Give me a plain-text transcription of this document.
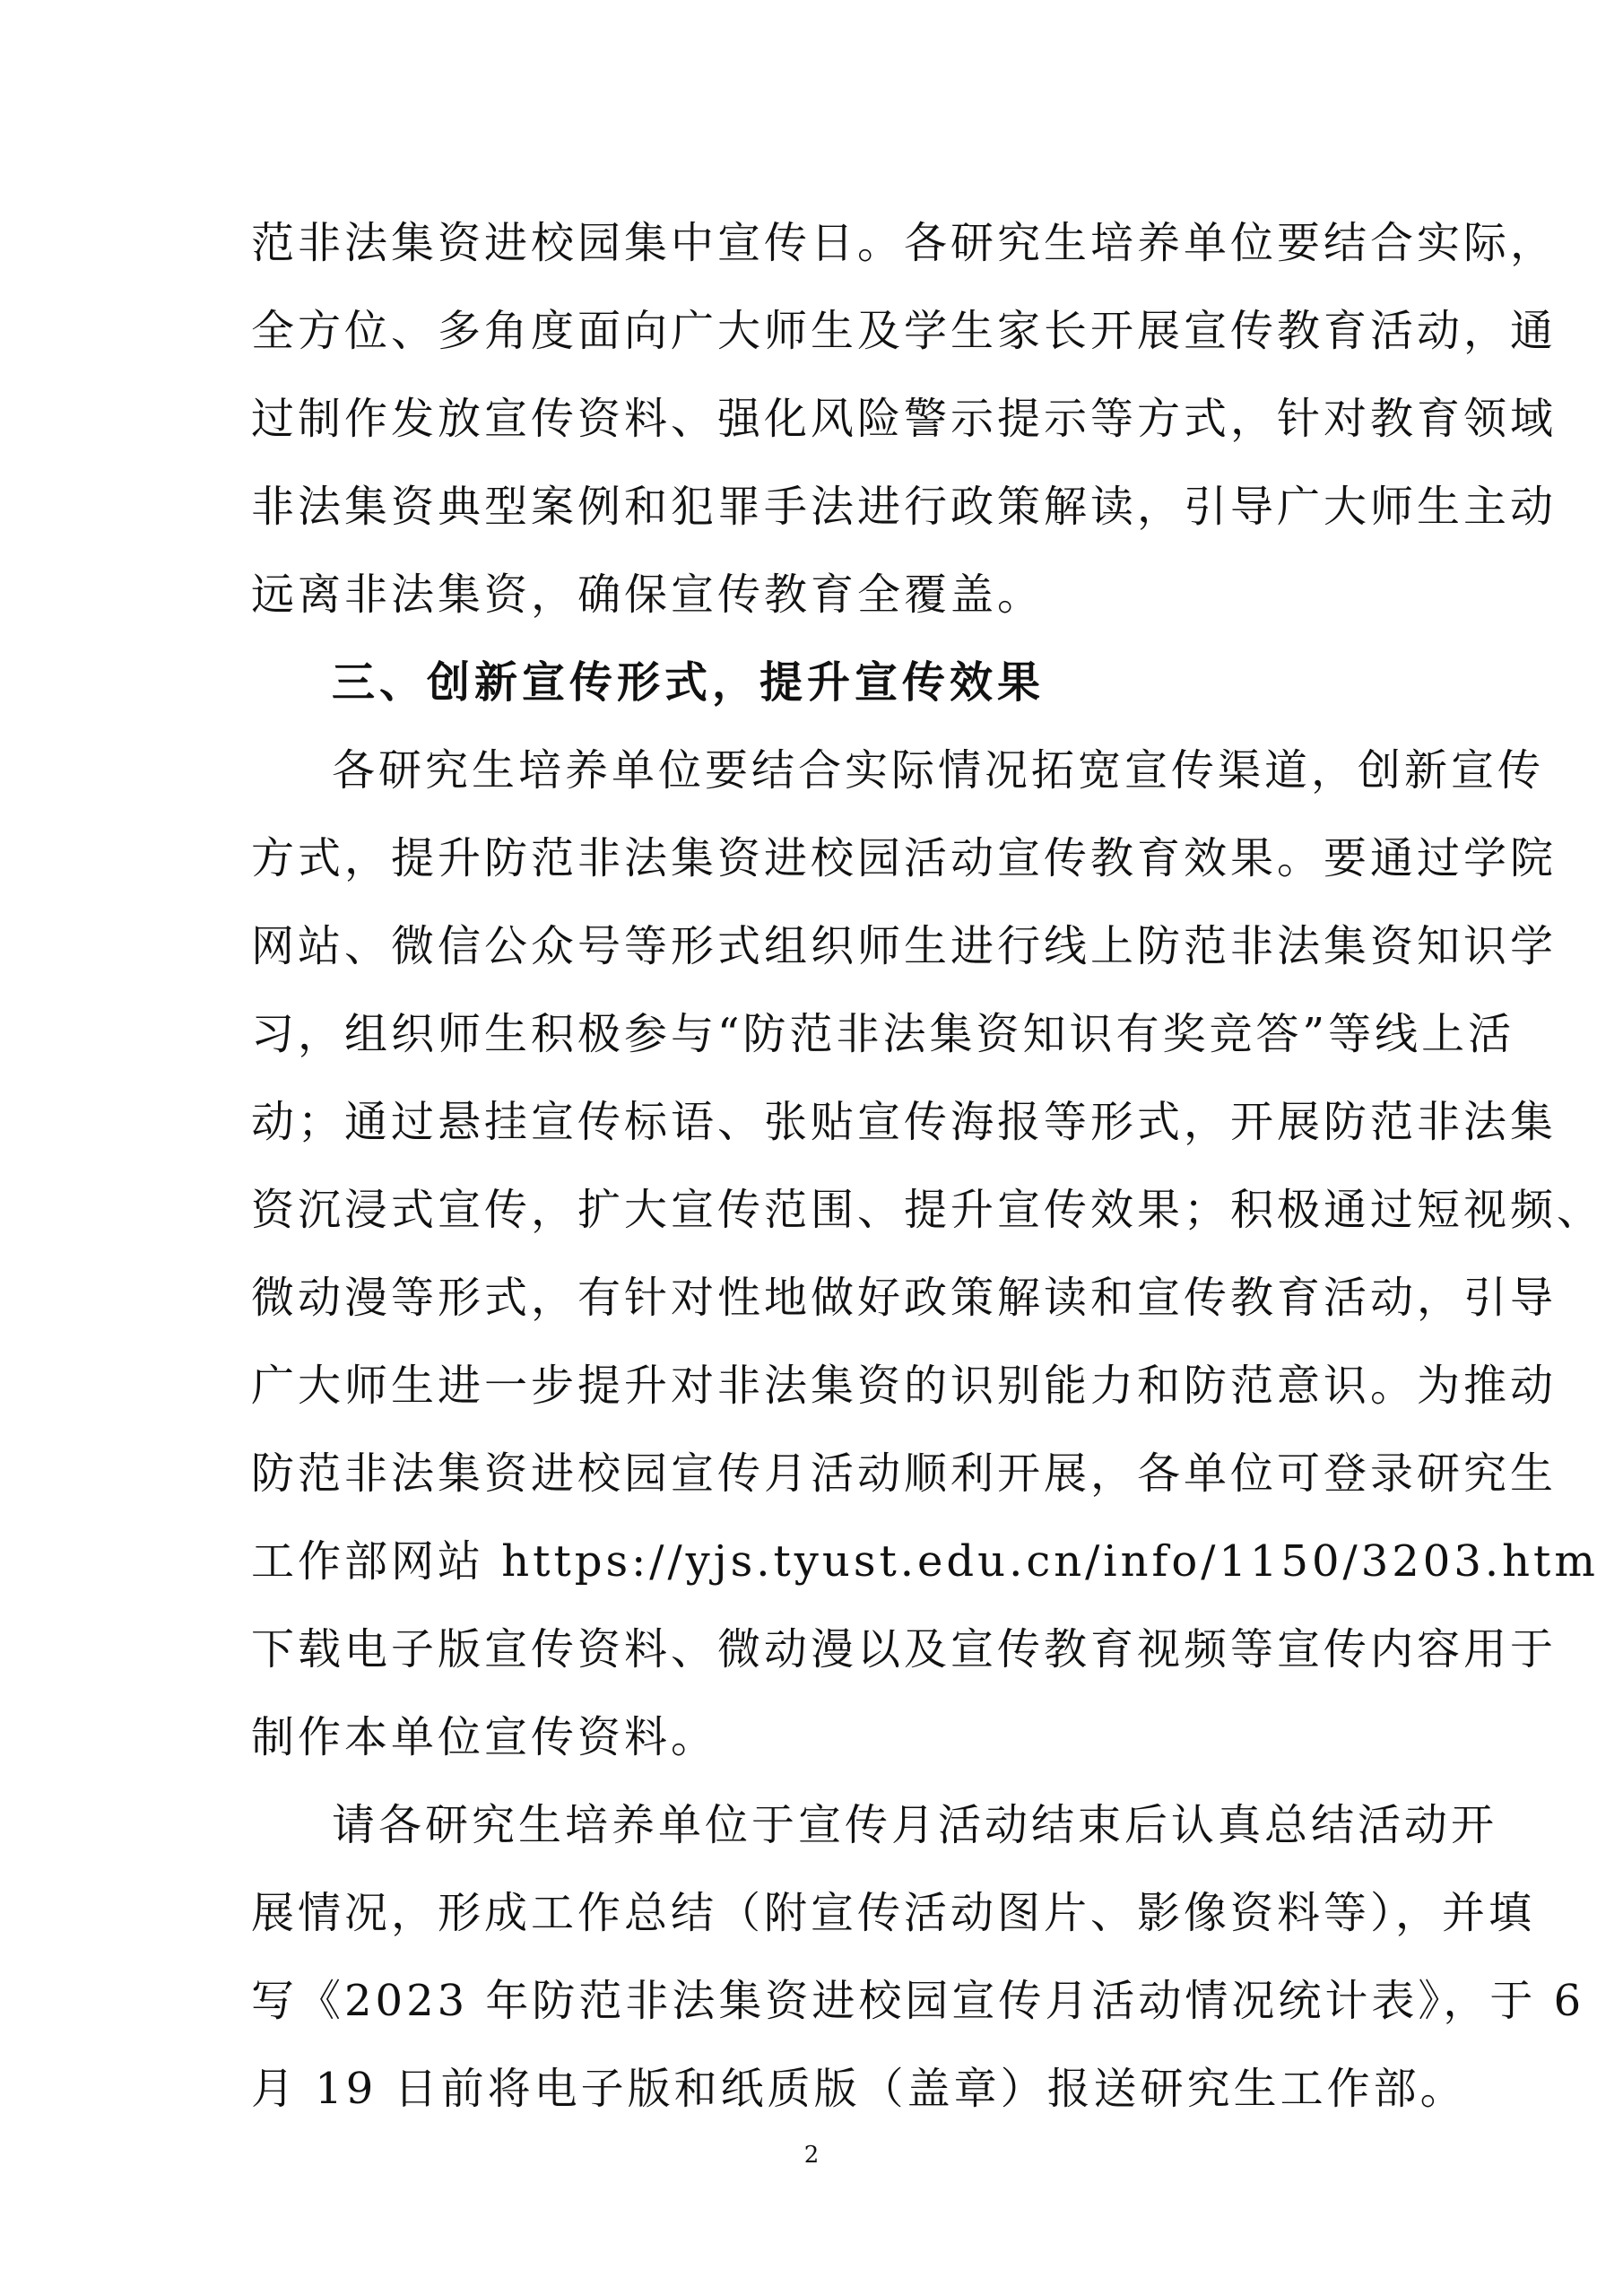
范非法集资进校园集中宣传日。各研究生培养单位要结合实际，
全方位、多角度面向广大师生及学生家长开展宣传教育活动，通
过制作发放宣传资料、强化风险警示提示等方式，针对教育领域
非法集资典型案例和犯罪手法进行政策解读，引导广大师生主动
远离非法集资，确保宣传教育全覆盖。
三、创新宣传形式，提升宣传效果
各研究生培养单位要结合实际情况拓宽宣传渠道，创新宣传
方式，提升防范非法集资进校园活动宣传教育效果。要通过学院
网站、微信公众号等形式组织师生进行线上防范非法集资知识学
习，组织师生积极参与“防范非法集资知识有奖竞答”等线上活
动；通过悬挂宣传标语、张贴宣传海报等形式，开展防范非法集
资沉浸式宣传，扩大宣传范围、提升宣传效果；积极通过短视频、
微动漫等形式，有针对性地做好政策解读和宣传教育活动，引导
广大师生进一步提升对非法集资的识别能力和防范意识。为推动
防范非法集资进校园宣传月活动顺利开展，各单位可登录研究生
工作部网站 https://yjs.tyust.edu.cn/info/1150/3203.htm
下载电子版宣传资料、微动漫以及宣传教育视频等宣传内容用于
制作本单位宣传资料。
请各研究生培养单位于宣传月活动结束后认真总结活动开
展情况，形成工作总结（附宣传活动图片、影像资料等），并填
写《2023 年防范非法集资进校园宣传月活动情况统计表》，于 6
月 19 日前将电子版和纸质版（盖章）报送研究生工作部。
2
